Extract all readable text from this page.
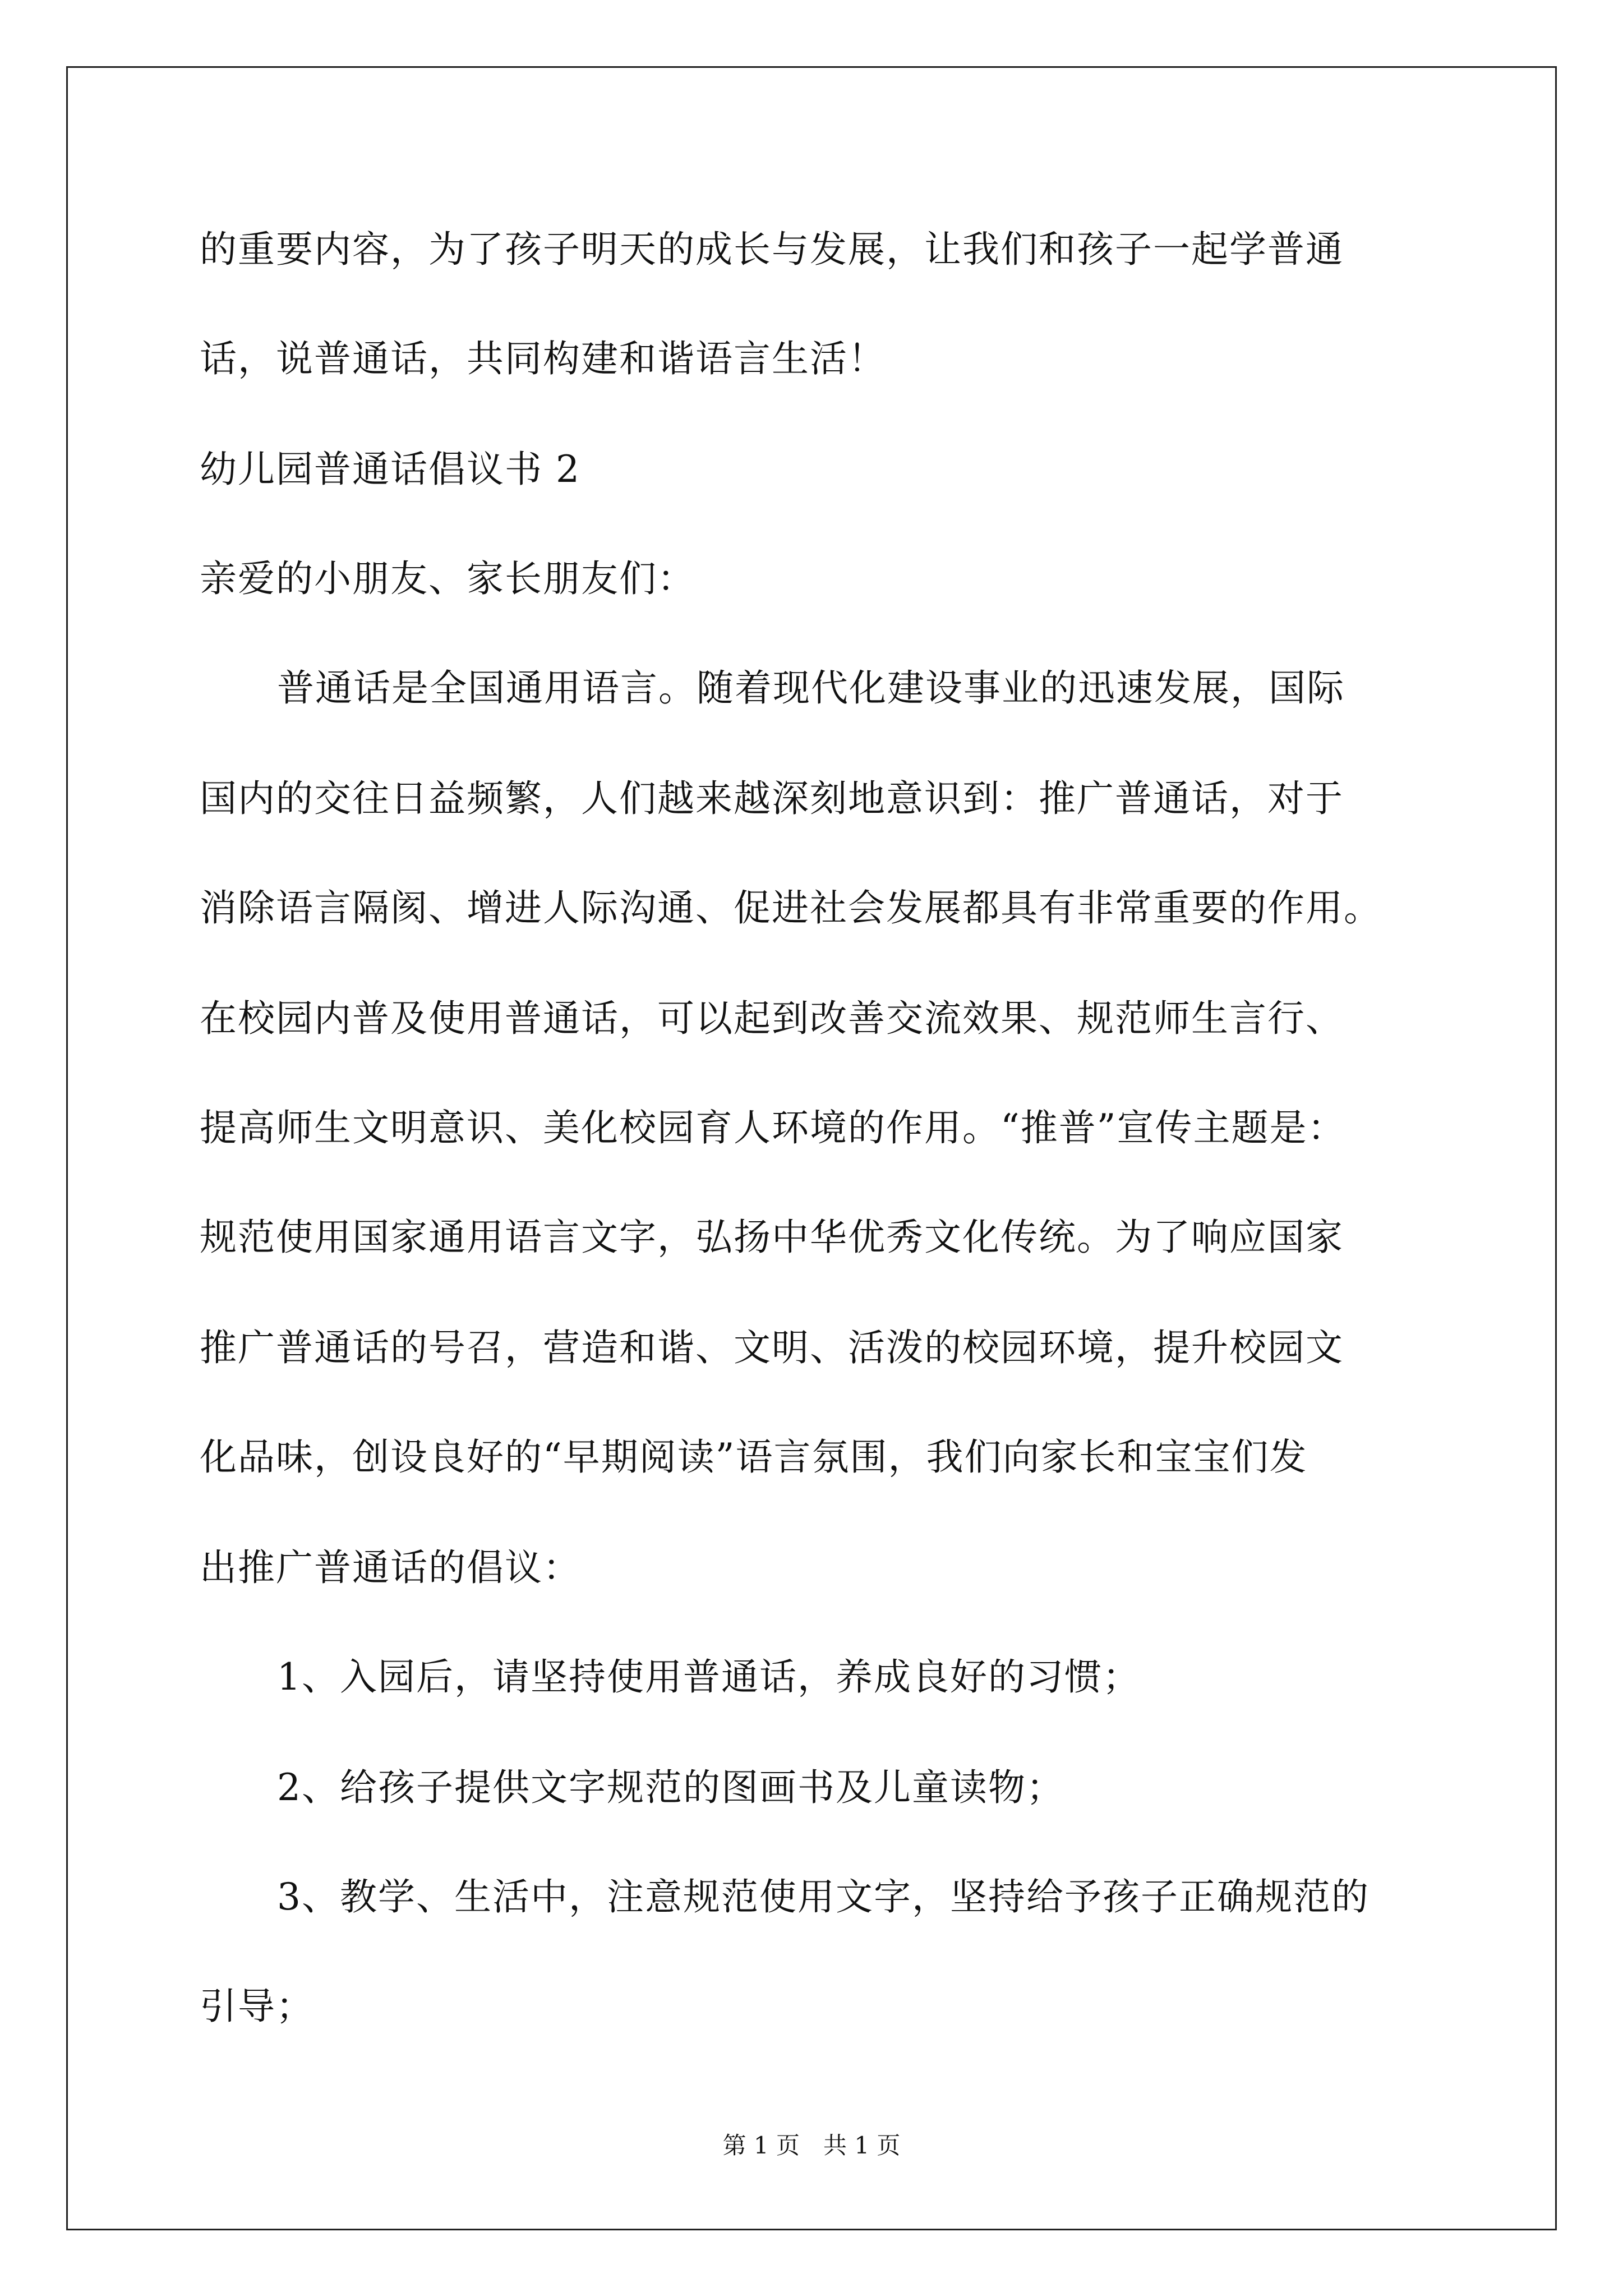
的重要内容，为了孩子明天的成长与发展，让我们和孩子一起学普通
话，说普通话，共同构建和谐语言生活！
幼儿园普通话倡议书 2
亲爱的小朋友、家长朋友们：
普通话是全国通用语言。随着现代化建设事业的迅速发展，国际
国内的交往日益频繁，人们越来越深刻地意识到：推广普通话，对于
消除语言隔阂、增进人际沟通、促进社会发展都具有非常重要的作用。
在校园内普及使用普通话，可以起到改善交流效果、规范师生言行、
提高师生文明意识、美化校园育人环境的作用。“推普”宣传主题是：
规范使用国家通用语言文字，弘扬中华优秀文化传统。为了响应国家
推广普通话的号召，营造和谐、文明、活泼的校园环境，提升校园文
化品味，创设良好的“早期阅读”语言氛围，我们向家长和宝宝们发
出推广普通话的倡议：
1、入园后，请坚持使用普通话，养成良好的习惯；
2、给孩子提供文字规范的图画书及儿童读物；
3、教学、生活中，注意规范使用文字，坚持给予孩子正确规范的
引导；
第 1 页　共 1 页
